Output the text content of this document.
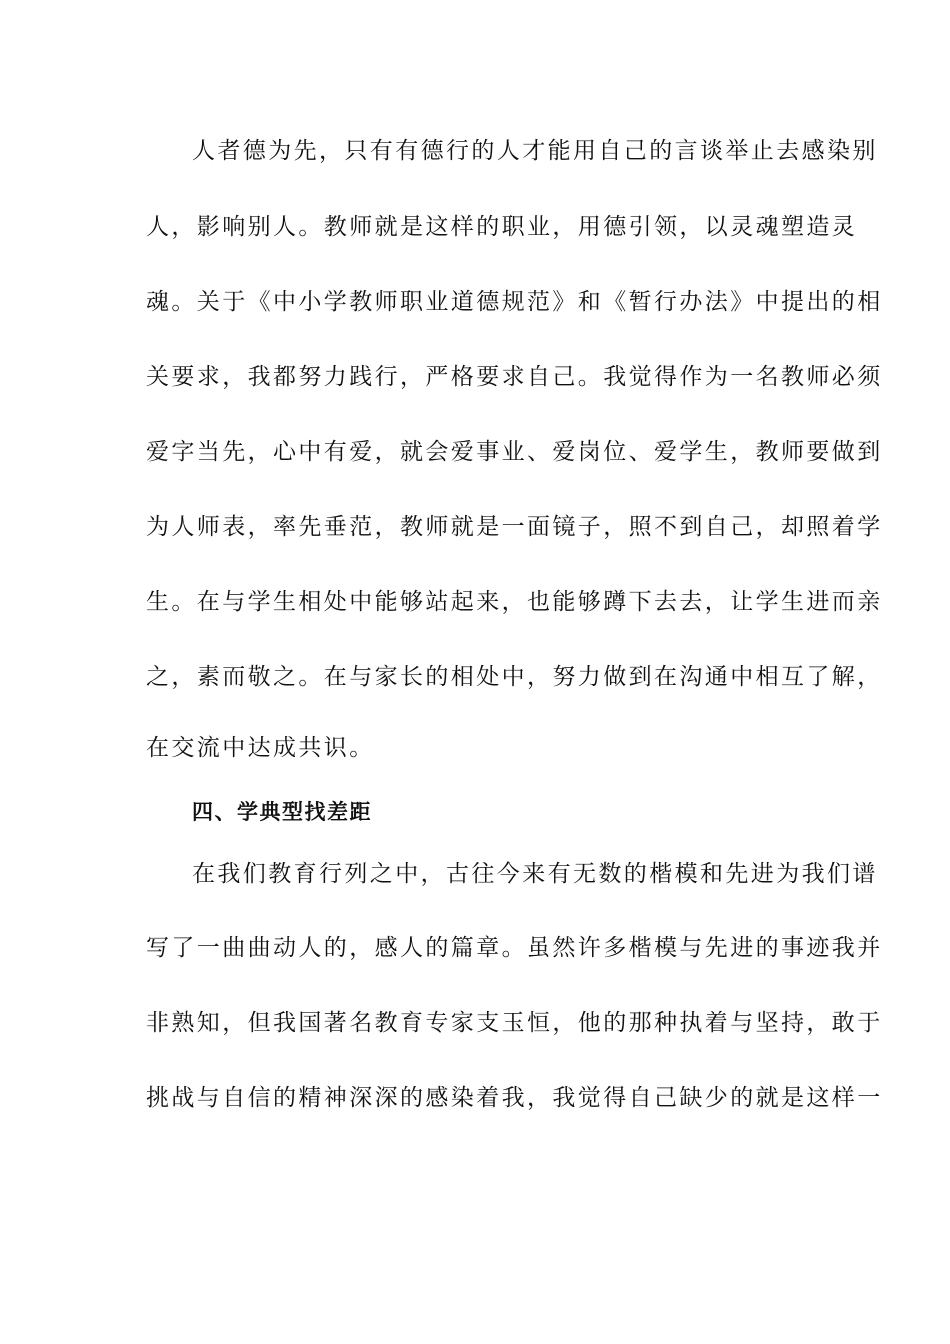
人者德为先，只有有德行的人才能用自己的言谈举止去感染别
人，影响别人。教师就是这样的职业，用德引领，以灵魂塑造灵
魂。关于《中小学教师职业道德规范》和《暂行办法》中提出的相
关要求，我都努力践行，严格要求自己。我觉得作为一名教师必须
爱字当先，心中有爱，就会爱事业、爱岗位、爱学生，教师要做到
为人师表，率先垂范，教师就是一面镜子，照不到自己，却照着学
生。在与学生相处中能够站起来，也能够蹲下去去，让学生进而亲
之，素而敬之。在与家长的相处中，努力做到在沟通中相互了解，
在交流中达成共识。
四、学典型找差距
在我们教育行列之中，古往今来有无数的楷模和先进为我们谱
写了一曲曲动人的，感人的篇章。虽然许多楷模与先进的事迹我并
非熟知，但我国著名教育专家支玉恒，他的那种执着与坚持，敢于
挑战与自信的精神深深的感染着我，我觉得自己缺少的就是这样一
